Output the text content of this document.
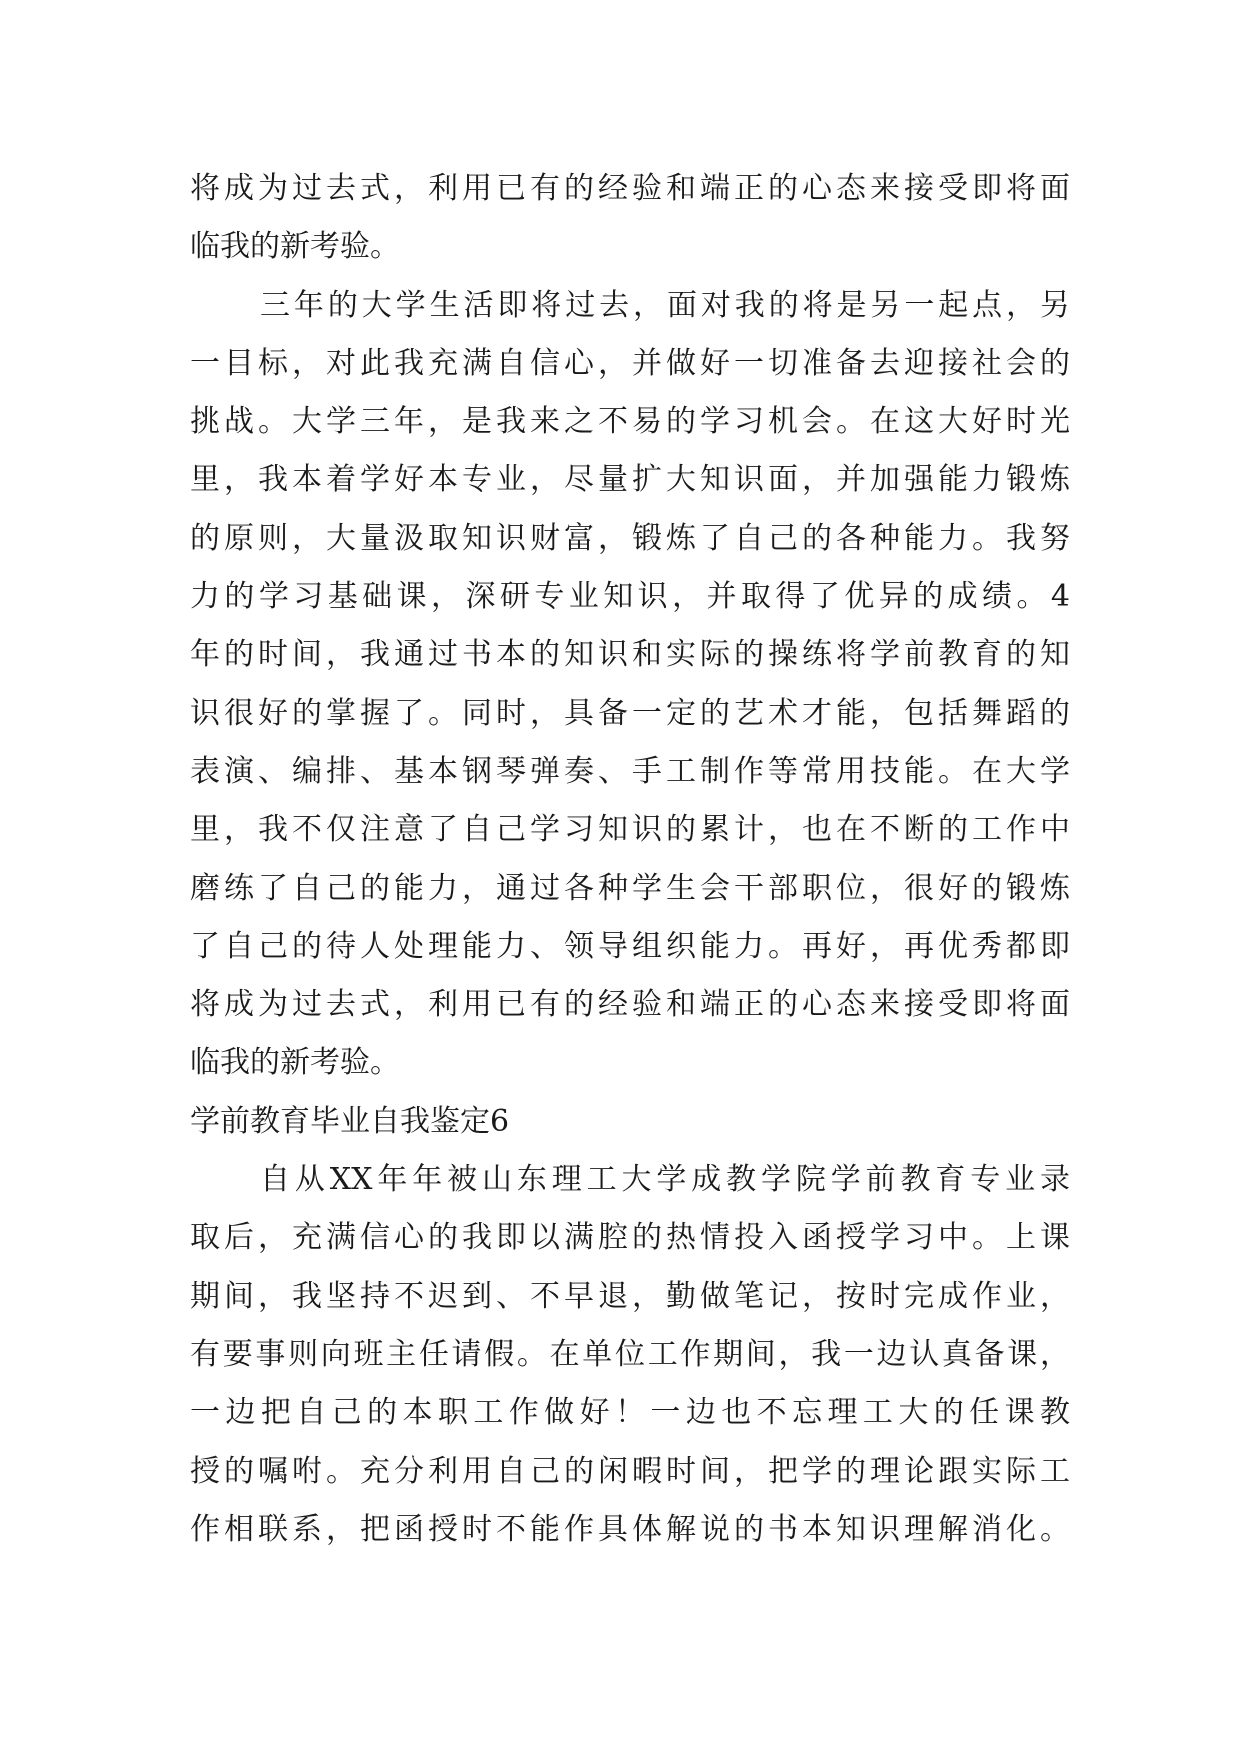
将成为过去式，利用已有的经验和端正的心态来接受即将面
临我的新考验。
三年的大学生活即将过去，面对我的将是另一起点，另
一目标，对此我充满自信心，并做好一切准备去迎接社会的
挑战。大学三年，是我来之不易的学习机会。在这大好时光
里，我本着学好本专业，尽量扩大知识面，并加强能力锻炼
的原则，大量汲取知识财富，锻炼了自己的各种能力。我努
力的学习基础课，深研专业知识，并取得了优异的成绩。4
年的时间，我通过书本的知识和实际的操练将学前教育的知
识很好的掌握了。同时，具备一定的艺术才能，包括舞蹈的
表演、编排、基本钢琴弹奏、手工制作等常用技能。在大学
里，我不仅注意了自己学习知识的累计，也在不断的工作中
磨练了自己的能力，通过各种学生会干部职位，很好的锻炼
了自己的待人处理能力、领导组织能力。再好，再优秀都即
将成为过去式，利用已有的经验和端正的心态来接受即将面
临我的新考验。
学前教育毕业自我鉴定6
自从XX年年被山东理工大学成教学院学前教育专业录
取后，充满信心的我即以满腔的热情投入函授学习中。上课
期间，我坚持不迟到、不早退，勤做笔记，按时完成作业，
有要事则向班主任请假。在单位工作期间，我一边认真备课，
一边把自己的本职工作做好！一边也不忘理工大的任课教
授的嘱咐。充分利用自己的闲暇时间，把学的理论跟实际工
作相联系，把函授时不能作具体解说的书本知识理解消化。
